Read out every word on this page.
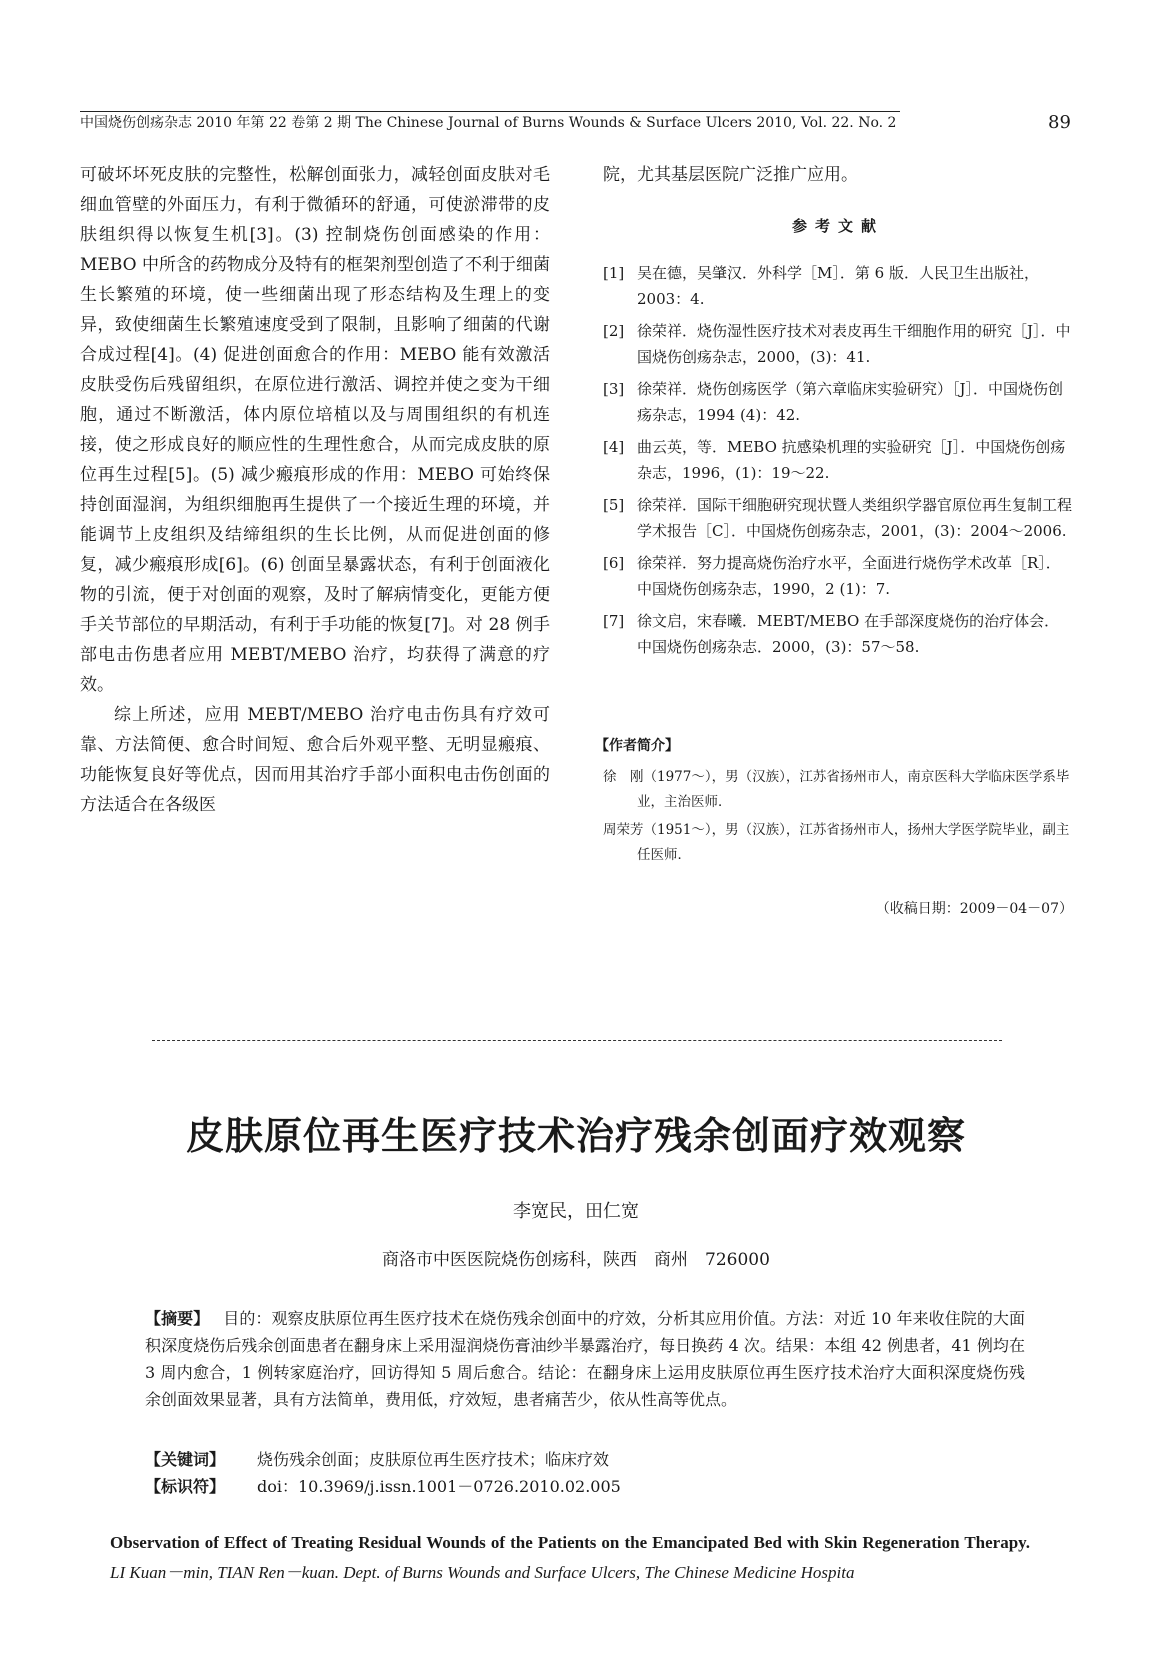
中国烧伤创疡杂志 2010 年第 22 卷第 2 期 The Chinese Journal of Burns Wounds & Surface Ulcers 2010, Vol. 22. No. 2	89

可破坏坏死皮肤的完整性，松解创面张力，减轻创面皮肤对毛细血管壁的外面压力，有利于微循环的舒通，可使淤滞带的皮肤组织得以恢复生机[3]。(3) 控制烧伤创面感染的作用：MEBO 中所含的药物成分及特有的框架剂型创造了不利于细菌生长繁殖的环境，使一些细菌出现了形态结构及生理上的变异，致使细菌生长繁殖速度受到了限制，且影响了细菌的代谢合成过程[4]。(4) 促进创面愈合的作用：MEBO 能有效激活皮肤受伤后残留组织，在原位进行激活、调控并使之变为干细胞，通过不断激活，体内原位培植以及与周围组织的有机连接，使之形成良好的顺应性的生理性愈合，从而完成皮肤的原位再生过程[5]。(5) 减少瘢痕形成的作用：MEBO 可始终保持创面湿润，为组织细胞再生提供了一个接近生理的环境，并能调节上皮组织及结缔组织的生长比例，从而促进创面的修复，减少瘢痕形成[6]。(6) 创面呈暴露状态，有利于创面液化物的引流，便于对创面的观察，及时了解病情变化，更能方便手关节部位的早期活动，有利于手功能的恢复[7]。对 28 例手部电击伤患者应用 MEBT/MEBO 治疗，均获得了满意的疗效。

综上所述，应用 MEBT/MEBO 治疗电击伤具有疗效可靠、方法简便、愈合时间短、愈合后外观平整、无明显瘢痕、功能恢复良好等优点，因而用其治疗手部小面积电击伤创面的方法适合在各级医

院，尤其基层医院广泛推广应用。

参考文献
[1] 吴在德，吴肇汉．外科学［M］．第 6 版．人民卫生出版社，2003：4.
[2] 徐荣祥．烧伤湿性医疗技术对表皮再生干细胞作用的研究［J］．中国烧伤创疡杂志，2000，(3)：41.
[3] 徐荣祥．烧伤创疡医学（第六章临床实验研究）［J］．中国烧伤创疡杂志，1994 (4)：42.
[4] 曲云英，等．MEBO 抗感染机理的实验研究［J］．中国烧伤创疡杂志，1996，(1)：19～22.
[5] 徐荣祥．国际干细胞研究现状暨人类组织学器官原位再生复制工程学术报告［C］．中国烧伤创疡杂志，2001，(3)：2004～2006.
[6] 徐荣祥．努力提高烧伤治疗水平，全面进行烧伤学术改革［R］．中国烧伤创疡杂志，1990，2 (1)：7.
[7] 徐文启，宋春曦．MEBT/MEBO 在手部深度烧伤的治疗体会．中国烧伤创疡杂志．2000，(3)：57～58.
【作者简介】
徐　刚（1977～），男（汉族），江苏省扬州市人，南京医科大学临床医学系毕业，主治医师．
周荣芳（1951～），男（汉族），江苏省扬州市人，扬州大学医学院毕业，副主任医师．
（收稿日期：2009－04－07）
皮肤原位再生医疗技术治疗残余创面疗效观察
李宽民，田仁宽
商洛市中医医院烧伤创疡科，陕西　商州　726000
【摘要】 目的：观察皮肤原位再生医疗技术在烧伤残余创面中的疗效，分析其应用价值。方法：对近 10 年来收住院的大面积深度烧伤后残余创面患者在翻身床上采用湿润烧伤膏油纱半暴露治疗，每日换药 4 次。结果：本组 42 例患者，41 例均在 3 周内愈合，1 例转家庭治疗，回访得知 5 周后愈合。结论：在翻身床上运用皮肤原位再生医疗技术治疗大面积深度烧伤残余创面效果显著，具有方法简单，费用低，疗效短，患者痛苦少，依从性高等优点。
【关键词】 烧伤残余创面；皮肤原位再生医疗技术；临床疗效
【标识符】 doi：10.3969/j.issn.1001－0726.2010.02.005
Observation of Effect of Treating Residual Wounds of the Patients on the Emancipated Bed with Skin Regeneration Therapy. LI Kuan－min, TIAN Ren－kuan. Dept. of Burns Wounds and Surface Ulcers, The Chinese Medicine Hospita
